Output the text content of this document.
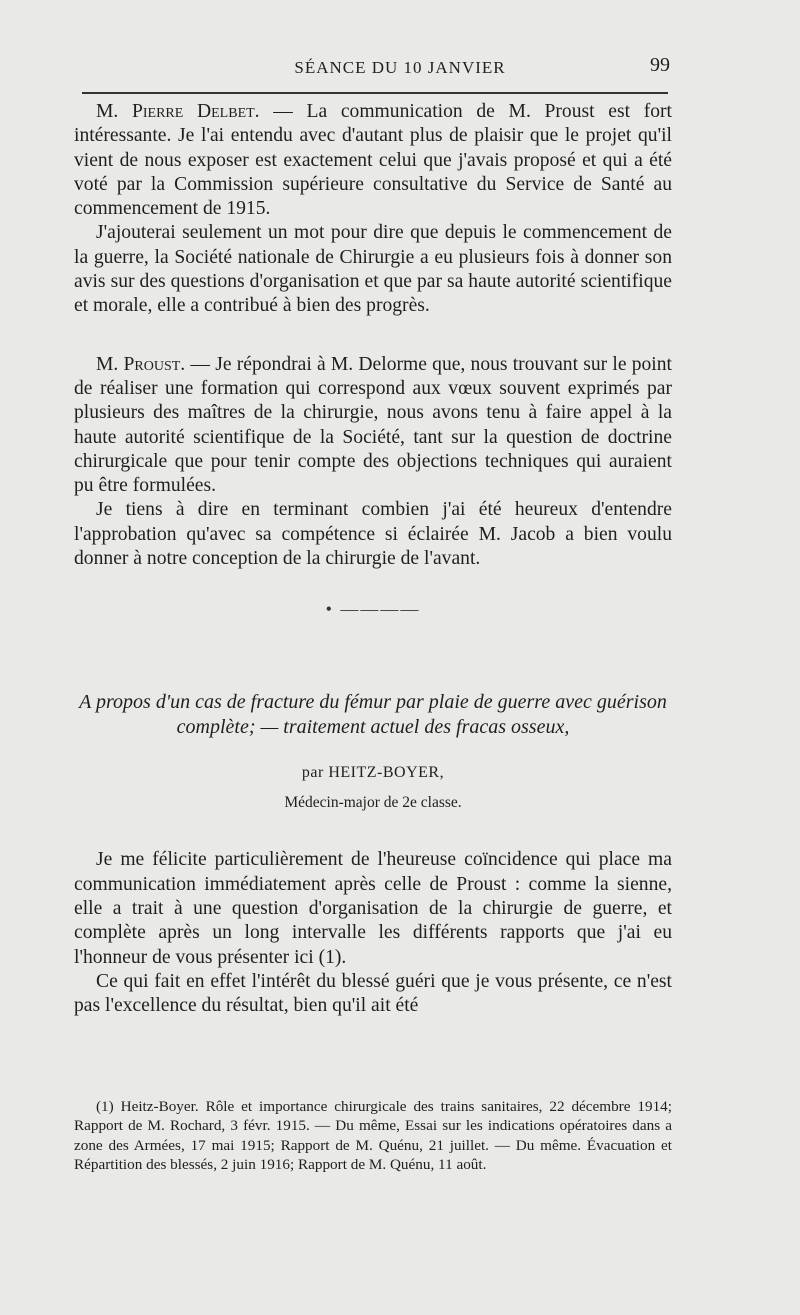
SÉANCE DU 10 JANVIER	99

M. Pierre Delbet. — La communication de M. Proust est fort intéressante. Je l'ai entendu avec d'autant plus de plaisir que le projet qu'il vient de nous exposer est exactement celui que j'avais proposé et qui a été voté par la Commission supérieure consultative du Service de Santé au commencement de 1915.

J'ajouterai seulement un mot pour dire que depuis le commencement de la guerre, la Société nationale de Chirurgie a eu plusieurs fois à donner son avis sur des questions d'organisation et que par sa haute autorité scientifique et morale, elle a contribué à bien des progrès.

M. Proust. — Je répondrai à M. Delorme que, nous trouvant sur le point de réaliser une formation qui correspond aux vœux souvent exprimés par plusieurs des maîtres de la chirurgie, nous avons tenu à faire appel à la haute autorité scientifique de la Société, tant sur la question de doctrine chirurgicale que pour tenir compte des objections techniques qui auraient pu être formulées.

Je tiens à dire en terminant combien j'ai été heureux d'entendre l'approbation qu'avec sa compétence si éclairée M. Jacob a bien voulu donner à notre conception de la chirurgie de l'avant.

• ————
A propos d'un cas de fracture du fémur par plaie de guerre avec guérison complète; — traitement actuel des fracas osseux,
par HEITZ-BOYER,
Médecin-major de 2e classe.

Je me félicite particulièrement de l'heureuse coïncidence qui place ma communication immédiatement après celle de Proust : comme la sienne, elle a trait à une question d'organisation de la chirurgie de guerre, et complète après un long intervalle les différents rapports que j'ai eu l'honneur de vous présenter ici (1).

Ce qui fait en effet l'intérêt du blessé guéri que je vous présente, ce n'est pas l'excellence du résultat, bien qu'il ait été

(1) Heitz-Boyer. Rôle et importance chirurgicale des trains sanitaires, 22 décembre 1914; Rapport de M. Rochard, 3 févr. 1915. — Du même, Essai sur les indications opératoires dans a zone des Armées, 17 mai 1915; Rapport de M. Quénu, 21 juillet. — Du même. Évacuation et Répartition des blessés, 2 juin 1916; Rapport de M. Quénu, 11 août.
